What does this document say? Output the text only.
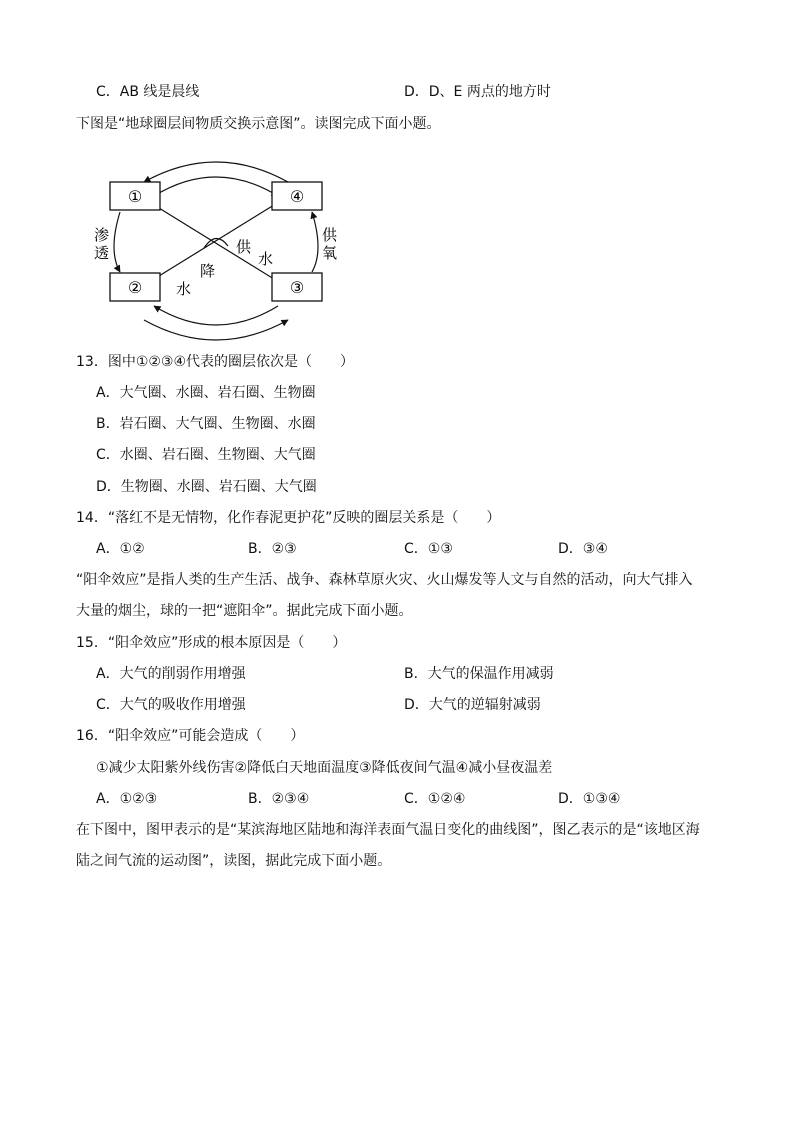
C．AB 线是晨线	D．D、E 两点的地方时
下图是“地球圈层间物质交换示意图”。读图完成下面小题。
①	④
②	③
渗
透
供
氧
供
水
降
水
13．图中①②③④代表的圈层依次是（　　）
A．大气圈、水圈、岩石圈、生物圈
B．岩石圈、大气圈、生物圈、水圈
C．水圈、岩石圈、生物圈、大气圈
D．生物圈、水圈、岩石圈、大气圈
14．“落红不是无情物，化作春泥更护花”反映的圈层关系是（　　）
A．①②	B．②③	C．①③	D．③④
“阳伞效应”是指人类的生产生活、战争、森林草原火灾、火山爆发等人文与自然的活动，向大气排入
大量的烟尘，球的一把“遮阳伞”。据此完成下面小题。
15．“阳伞效应”形成的根本原因是（　　）
A．大气的削弱作用增强	B．大气的保温作用减弱
C．大气的吸收作用增强	D．大气的逆辐射减弱
16．“阳伞效应”可能会造成（　　）
①减少太阳紫外线伤害②降低白天地面温度③降低夜间气温④减小昼夜温差
A．①②③	B．②③④	C．①②④	D．①③④
在下图中，图甲表示的是“某滨海地区陆地和海洋表面气温日变化的曲线图”，图乙表示的是“该地区海
陆之间气流的运动图”，读图，据此完成下面小题。
